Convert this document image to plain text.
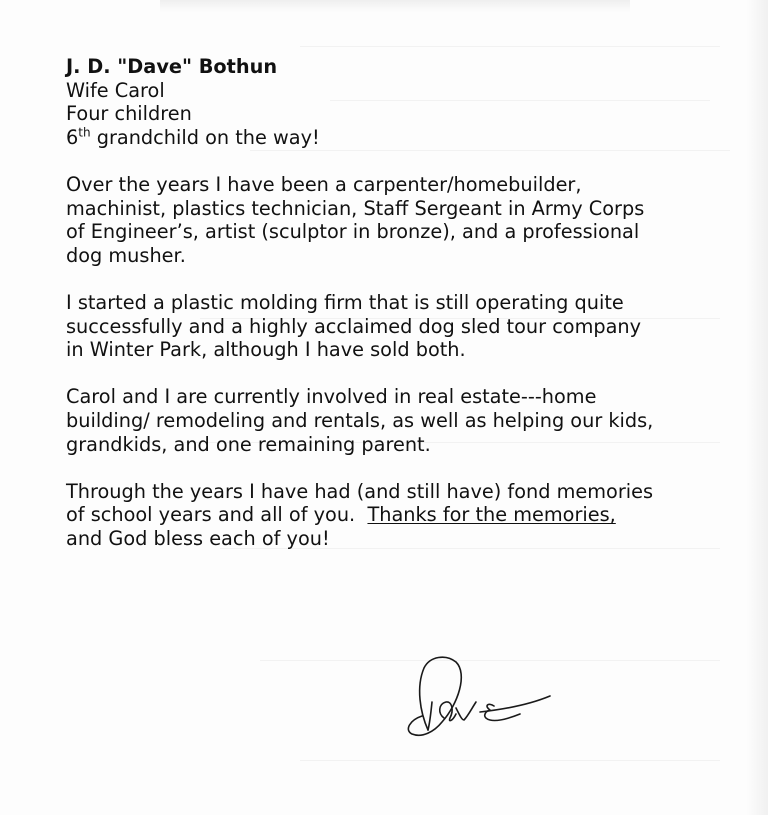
J. D. "Dave" Bothun

Wife Carol

Four children

6th grandchild on the way!

Over the years I have been a carpenter/homebuilder,

machinist, plastics technician, Staff Sergeant in Army Corps

of Engineer’s, artist (sculptor in bronze), and a professional

dog musher.

I started a plastic molding firm that is still operating quite

successfully and a highly acclaimed dog sled tour company

in Winter Park, although I have sold both.

Carol and I are currently involved in real estate---home

building/ remodeling and rentals, as well as helping our kids,

grandkids, and one remaining parent.

Through the years I have had (and still have) fond memories

of school years and all of you.  Thanks for the memories,

and God bless each of you!
